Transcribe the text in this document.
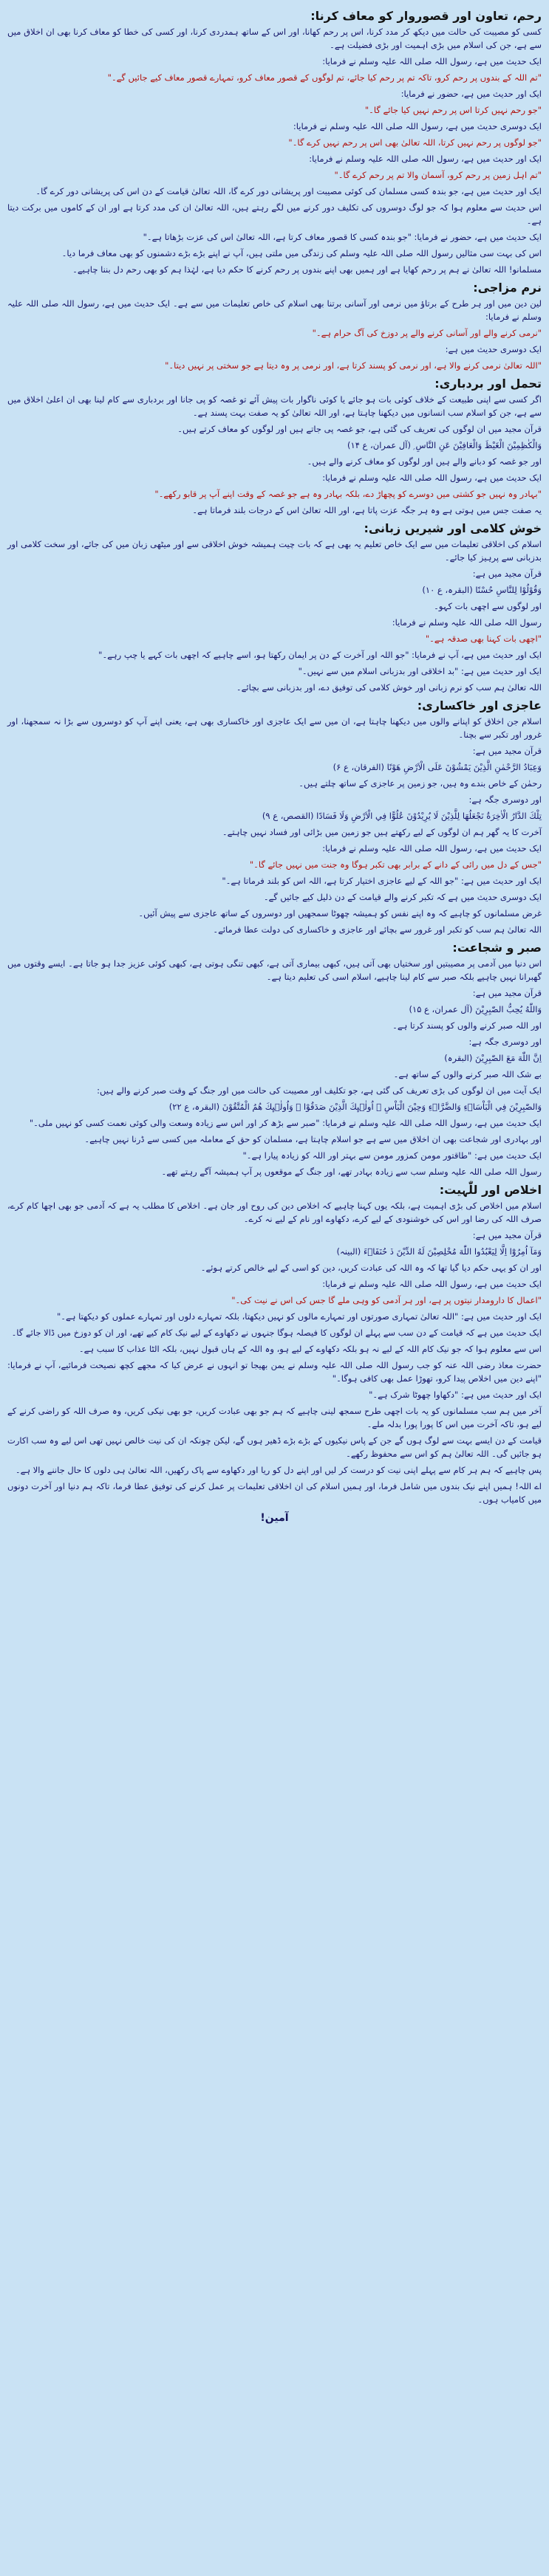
رحم، تعاون اور قصوروار کو معاف کرنا:

کسی کو مصیبت کی حالت میں دیکھ کر مدد کرنا، اس پر رحم کھانا، اور اس کے ساتھ ہمدردی کرنا، اور کسی کی خطا کو معاف کرنا بھی ان اخلاق میں سے ہے، جن کی اسلام میں بڑی اہمیت اور بڑی فضیلت ہے۔

ایک حدیث میں ہے، رسول اللہ صلی اللہ علیہ وسلم نے فرمایا:

"تم اللہ کے بندوں پر رحم کرو، تاکہ تم پر رحم کیا جائے، تم لوگوں کے قصور معاف کرو، تمہارے قصور معاف کیے جائیں گے۔"

ایک اور حدیث میں ہے، حضور نے فرمایا:

"جو رحم نہیں کرتا اس پر رحم نہیں کیا جائے گا۔"

ایک دوسری حدیث میں ہے، رسول اللہ صلی اللہ علیہ وسلم نے فرمایا:

"جو لوگوں پر رحم نہیں کرتا، اللہ تعالیٰ بھی اس پر رحم نہیں کرے گا۔"

ایک اور حدیث میں ہے، رسول اللہ صلی اللہ علیہ وسلم نے فرمایا:

"تم اہل زمین پر رحم کرو، آسمان والا تم پر رحم کرے گا۔"

ایک اور حدیث میں ہے، جو بندہ کسی مسلمان کی کوئی مصیبت اور پریشانی دور کرے گا، اللہ تعالیٰ قیامت کے دن اس کی پریشانی دور کرے گا۔

اس حدیث سے معلوم ہوا کہ جو لوگ دوسروں کی تکلیف دور کرنے میں لگے رہتے ہیں، اللہ تعالیٰ ان کی مدد کرتا ہے اور ان کے کاموں میں برکت دیتا ہے۔

ایک حدیث میں ہے، حضور نے فرمایا: "جو بندہ کسی کا قصور معاف کرتا ہے، اللہ تعالیٰ اس کی عزت بڑھاتا ہے۔"

اس کی بہت سی مثالیں رسول اللہ صلی اللہ علیہ وسلم کی زندگی میں ملتی ہیں، آپ نے اپنے بڑے بڑے دشمنوں کو بھی معاف فرما دیا۔

مسلمانو! اللہ تعالیٰ نے ہم پر رحم کھایا ہے اور ہمیں بھی اپنے بندوں پر رحم کرنے کا حکم دیا ہے، لہٰذا ہم کو بھی رحم دل بننا چاہیے۔

نرم مزاجی:

لین دین میں اور ہر طرح کے برتاؤ میں نرمی اور آسانی برتنا بھی اسلام کی خاص تعلیمات میں سے ہے۔ ایک حدیث میں ہے، رسول اللہ صلی اللہ علیہ وسلم نے فرمایا:

"نرمی کرنے والے اور آسانی کرنے والے پر دوزخ کی آگ حرام ہے۔"

ایک دوسری حدیث میں ہے:

"اللہ تعالیٰ نرمی کرنے والا ہے، اور نرمی کو پسند کرتا ہے، اور نرمی پر وہ دیتا ہے جو سختی پر نہیں دیتا۔"

تحمل اور بردباری:

اگر کسی سے اپنی طبیعت کے خلاف کوئی بات ہو جائے یا کوئی ناگوار بات پیش آئے تو غصہ کو پی جانا اور بردباری سے کام لینا بھی ان اعلیٰ اخلاق میں سے ہے، جن کو اسلام سب انسانوں میں دیکھنا چاہتا ہے، اور اللہ تعالیٰ کو یہ صفت بہت پسند ہے۔

قرآن مجید میں ان لوگوں کی تعریف کی گئی ہے، جو غصہ پی جاتے ہیں اور لوگوں کو معاف کرتے ہیں۔

وَالْكٰظِمِيْنَ الْغَيْظَ وَالْعَافِيْنَ عَنِ النَّاسِ ۭ (آل عمران، ع ۱۴)

اور جو غصہ کو دبانے والے ہیں اور لوگوں کو معاف کرنے والے ہیں۔

ایک حدیث میں ہے، رسول اللہ صلی اللہ علیہ وسلم نے فرمایا:

"بہادر وہ نہیں جو کشتی میں دوسرے کو پچھاڑ دے، بلکہ بہادر وہ ہے جو غصہ کے وقت اپنے آپ پر قابو رکھے۔"

یہ صفت جس میں ہوتی ہے وہ ہر جگہ عزت پاتا ہے، اور اللہ تعالیٰ اس کے درجات بلند فرماتا ہے۔

خوش کلامی اور شیریں زبانی:

اسلام کی اخلاقی تعلیمات میں سے ایک خاص تعلیم یہ بھی ہے کہ بات چیت ہمیشہ خوش اخلاقی سے اور میٹھی زبان میں کی جائے، اور سخت کلامی اور بدزبانی سے پرہیز کیا جائے۔

قرآن مجید میں ہے:

وَقُوْلُوْا لِلنَّاسِ حُسْنًا (البقرہ، ع ۱۰)

اور لوگوں سے اچھی بات کہو۔

رسول اللہ صلی اللہ علیہ وسلم نے فرمایا:

"اچھی بات کہنا بھی صدقہ ہے۔"

ایک اور حدیث میں ہے، آپ نے فرمایا: "جو اللہ اور آخرت کے دن پر ایمان رکھتا ہو، اسے چاہیے کہ اچھی بات کہے یا چپ رہے۔"

ایک اور حدیث میں ہے: "بد اخلاقی اور بدزبانی اسلام میں سے نہیں۔"

اللہ تعالیٰ ہم سب کو نرم زبانی اور خوش کلامی کی توفیق دے، اور بدزبانی سے بچائے۔

عاجزی اور خاکساری:

اسلام جن اخلاق کو اپنانے والوں میں دیکھنا چاہتا ہے، ان میں سے ایک عاجزی اور خاکساری بھی ہے، یعنی اپنے آپ کو دوسروں سے بڑا نہ سمجھنا، اور غرور اور تکبر سے بچنا۔

قرآن مجید میں ہے:

وَعِبَادُ الرَّحْمٰنِ الَّذِيْنَ يَمْشُوْنَ عَلَى الْاَرْضِ هَوْنًا (الفرقان، ع ۶)

رحمٰن کے خاص بندے وہ ہیں، جو زمین پر عاجزی کے ساتھ چلتے ہیں۔

اور دوسری جگہ ہے:

تِلْكَ الدَّارُ الْاٰخِرَةُ نَجْعَلُهَا لِلَّذِيْنَ لَا يُرِيْدُوْنَ عُلُوًّا فِي الْاَرْضِ وَلَا فَسَادًا (القصص، ع ۹)

آخرت کا یہ گھر ہم ان لوگوں کے لیے رکھتے ہیں جو زمین میں بڑائی اور فساد نہیں چاہتے۔

ایک حدیث میں ہے، رسول اللہ صلی اللہ علیہ وسلم نے فرمایا:

"جس کے دل میں رائی کے دانے کے برابر بھی تکبر ہوگا وہ جنت میں نہیں جائے گا۔"

ایک اور حدیث میں ہے: "جو اللہ کے لیے عاجزی اختیار کرتا ہے، اللہ اس کو بلند فرماتا ہے۔"

ایک دوسری حدیث میں ہے کہ تکبر کرنے والے قیامت کے دن ذلیل کیے جائیں گے۔

غرض مسلمانوں کو چاہیے کہ وہ اپنے نفس کو ہمیشہ چھوٹا سمجھیں اور دوسروں کے ساتھ عاجزی سے پیش آئیں۔

اللہ تعالیٰ ہم سب کو تکبر اور غرور سے بچائے اور عاجزی و خاکساری کی دولت عطا فرمائے۔

صبر و شجاعت:

اس دنیا میں آدمی پر مصیبتیں اور سختیاں بھی آتی ہیں، کبھی بیماری آتی ہے، کبھی تنگی ہوتی ہے، کبھی کوئی عزیز جدا ہو جاتا ہے۔ ایسے وقتوں میں گھبرانا نہیں چاہیے بلکہ صبر سے کام لینا چاہیے، اسلام اسی کی تعلیم دیتا ہے۔

قرآن مجید میں ہے:

وَاللّٰهُ يُحِبُّ الصّٰبِرِيْنَ (آل عمران، ع ۱۵)

اور اللہ صبر کرنے والوں کو پسند کرتا ہے۔

اور دوسری جگہ ہے:

اِنَّ اللّٰهَ مَعَ الصّٰبِرِيْنَ (البقرہ)

بے شک اللہ صبر کرنے والوں کے ساتھ ہے۔

ایک آیت میں ان لوگوں کی بڑی تعریف کی گئی ہے، جو تکلیف اور مصیبت کی حالت میں اور جنگ کے وقت صبر کرنے والے ہیں:

وَالصّٰبِرِيْنَ فِي الْبَاْسَاۗءِ وَالضَّرَّاۗءِ وَحِيْنَ الْبَاْسِ ۭ اُولٰۗىِٕكَ الَّذِيْنَ صَدَقُوْا ۭ وَاُولٰۗىِٕكَ هُمُ الْمُتَّقُوْنَ (البقرہ، ع ۲۲)

ایک حدیث میں ہے، رسول اللہ صلی اللہ علیہ وسلم نے فرمایا: "صبر سے بڑھ کر اور اس سے زیادہ وسعت والی کوئی نعمت کسی کو نہیں ملی۔"

اور بہادری اور شجاعت بھی ان اخلاق میں سے ہے جو اسلام چاہتا ہے، مسلمان کو حق کے معاملہ میں کسی سے ڈرنا نہیں چاہیے۔

ایک حدیث میں ہے: "طاقتور مومن کمزور مومن سے بہتر اور اللہ کو زیادہ پیارا ہے۔"

رسول اللہ صلی اللہ علیہ وسلم سب سے زیادہ بہادر تھے، اور جنگ کے موقعوں پر آپ ہمیشہ آگے رہتے تھے۔

اخلاص اور للّٰہیت:

اسلام میں اخلاص کی بڑی اہمیت ہے، بلکہ یوں کہنا چاہیے کہ اخلاص دین کی روح اور جان ہے۔ اخلاص کا مطلب یہ ہے کہ آدمی جو بھی اچھا کام کرے، صرف اللہ کی رضا اور اس کی خوشنودی کے لیے کرے، دکھاوے اور نام کے لیے نہ کرے۔

قرآن مجید میں ہے:

وَمَآ اُمِرُوْٓا اِلَّا لِيَعْبُدُوا اللّٰهَ مُخْلِصِيْنَ لَهُ الدِّيْنَ ڏ حُنَفَاۗءَ (البینہ)

اور ان کو یہی حکم دیا گیا تھا کہ وہ اللہ کی عبادت کریں، دین کو اسی کے لیے خالص کرتے ہوئے۔

ایک حدیث میں ہے، رسول اللہ صلی اللہ علیہ وسلم نے فرمایا:

"اعمال کا دارومدار نیتوں پر ہے، اور ہر آدمی کو وہی ملے گا جس کی اس نے نیت کی۔"

ایک اور حدیث میں ہے: "اللہ تعالیٰ تمہاری صورتوں اور تمہارے مالوں کو نہیں دیکھتا، بلکہ تمہارے دلوں اور تمہارے عملوں کو دیکھتا ہے۔"

ایک حدیث میں ہے کہ قیامت کے دن سب سے پہلے ان لوگوں کا فیصلہ ہوگا جنہوں نے دکھاوے کے لیے نیک کام کیے تھے، اور ان کو دوزخ میں ڈالا جائے گا۔

اس سے معلوم ہوا کہ جو نیک کام اللہ کے لیے نہ ہو بلکہ دکھاوے کے لیے ہو، وہ اللہ کے ہاں قبول نہیں، بلکہ الٹا عذاب کا سبب ہے۔

حضرت معاذ رضی اللہ عنہ کو جب رسول اللہ صلی اللہ علیہ وسلم نے یمن بھیجا تو انہوں نے عرض کیا کہ مجھے کچھ نصیحت فرمائیے، آپ نے فرمایا: "اپنے دین میں اخلاص پیدا کرو، تھوڑا عمل بھی کافی ہوگا۔"

ایک اور حدیث میں ہے: "دکھاوا چھوٹا شرک ہے۔"

آخر میں ہم سب مسلمانوں کو یہ بات اچھی طرح سمجھ لینی چاہیے کہ ہم جو بھی عبادت کریں، جو بھی نیکی کریں، وہ صرف اللہ کو راضی کرنے کے لیے ہو، تاکہ آخرت میں اس کا پورا پورا بدلہ ملے۔

قیامت کے دن ایسے بہت سے لوگ ہوں گے جن کے پاس نیکیوں کے بڑے بڑے ڈھیر ہوں گے، لیکن چونکہ ان کی نیت خالص نہیں تھی اس لیے وہ سب اکارت ہو جائیں گی۔ اللہ تعالیٰ ہم کو اس سے محفوظ رکھے۔

پس چاہیے کہ ہم ہر کام سے پہلے اپنی نیت کو درست کر لیں اور اپنے دل کو ریا اور دکھاوے سے پاک رکھیں، اللہ تعالیٰ ہی دلوں کا حال جاننے والا ہے۔

اے اللہ! ہمیں اپنے نیک بندوں میں شامل فرما، اور ہمیں اسلام کی ان اخلاقی تعلیمات پر عمل کرنے کی توفیق عطا فرما، تاکہ ہم دنیا اور آخرت دونوں میں کامیاب ہوں۔

آمین!
